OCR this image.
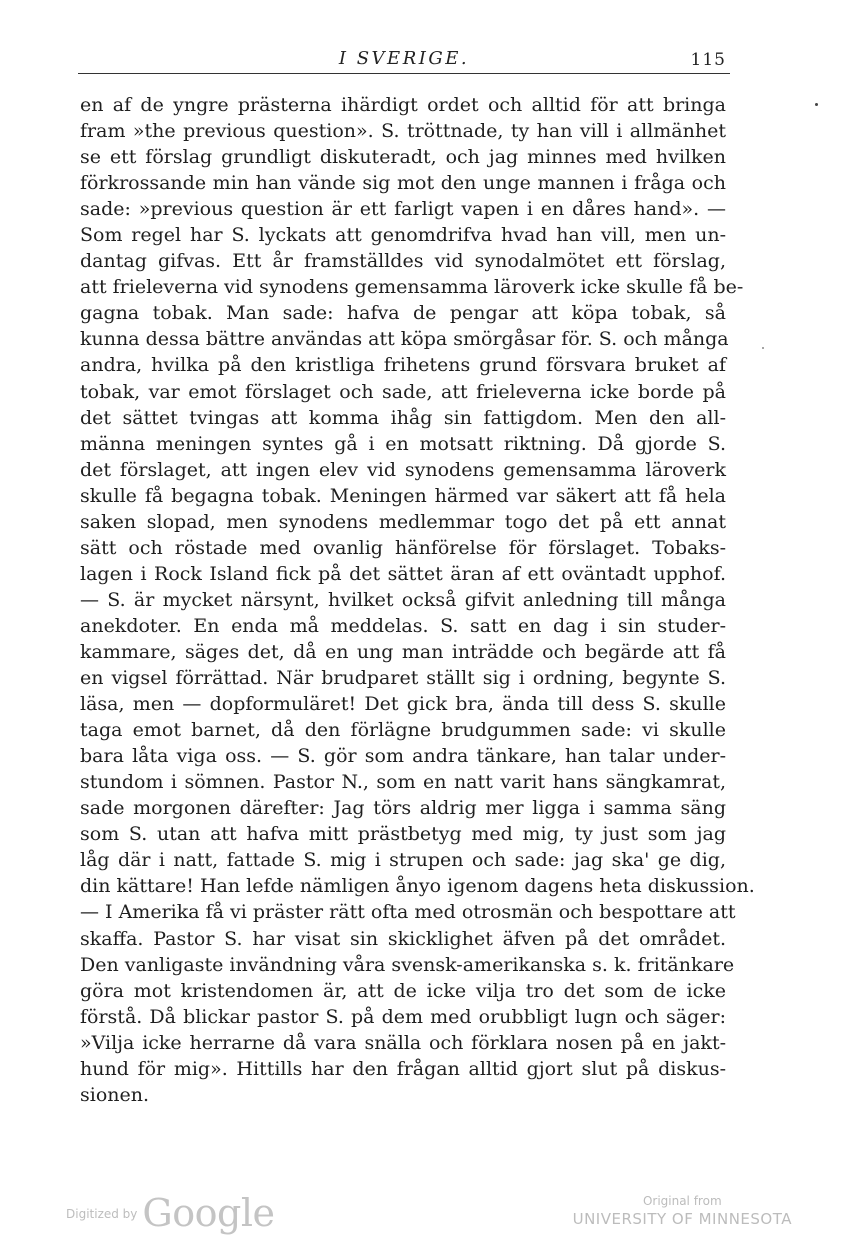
I SVERIGE.	115
en af de yngre prästerna ihärdigt ordet och alltid för att bringa
fram »the previous question». S. tröttnade, ty han vill i allmänhet
se ett förslag grundligt diskuteradt, och jag minnes med hvilken
förkrossande min han vände sig mot den unge mannen i fråga och
sade: »previous question är ett farligt vapen i en dåres hand». —
Som regel har S. lyckats att genomdrifva hvad han vill, men un-
dantag gifvas. Ett år framställdes vid synodalmötet ett förslag,
att frieleverna vid synodens gemensamma läroverk icke skulle få be-
gagna tobak. Man sade: hafva de pengar att köpa tobak, så
kunna dessa bättre användas att köpa smörgåsar för. S. och många
andra, hvilka på den kristliga frihetens grund försvara bruket af
tobak, var emot förslaget och sade, att frieleverna icke borde på
det sättet tvingas att komma ihåg sin fattigdom. Men den all-
männa meningen syntes gå i en motsatt riktning. Då gjorde S.
det förslaget, att ingen elev vid synodens gemensamma läroverk
skulle få begagna tobak. Meningen härmed var säkert att få hela
saken slopad, men synodens medlemmar togo det på ett annat
sätt och röstade med ovanlig hänförelse för förslaget. Tobaks-
lagen i Rock Island fick på det sättet äran af ett oväntadt upphof.
— S. är mycket närsynt, hvilket också gifvit anledning till många
anekdoter. En enda må meddelas. S. satt en dag i sin studer-
kammare, säges det, då en ung man inträdde och begärde att få
en vigsel förrättad. När brudparet ställt sig i ordning, begynte S.
läsa, men — dopformuläret! Det gick bra, ända till dess S. skulle
taga emot barnet, då den förlägne brudgummen sade: vi skulle
bara låta viga oss. — S. gör som andra tänkare, han talar under-
stundom i sömnen. Pastor N., som en natt varit hans sängkamrat,
sade morgonen därefter: Jag törs aldrig mer ligga i samma säng
som S. utan att hafva mitt prästbetyg med mig, ty just som jag
låg där i natt, fattade S. mig i strupen och sade: jag ska' ge dig,
din kättare! Han lefde nämligen ånyo igenom dagens heta diskussion.
— I Amerika få vi präster rätt ofta med otrosmän och bespottare att
skaffa. Pastor S. har visat sin skicklighet äfven på det området.
Den vanligaste invändning våra svensk-amerikanska s. k. fritänkare
göra mot kristendomen är, att de icke vilja tro det som de icke
förstå. Då blickar pastor S. på dem med orubbligt lugn och säger:
»Vilja icke herrarne då vara snälla och förklara nosen på en jakt-
hund för mig». Hittills har den frågan alltid gjort slut på diskus-
sionen.
Digitized by Google	Original from
UNIVERSITY OF MINNESOTA
